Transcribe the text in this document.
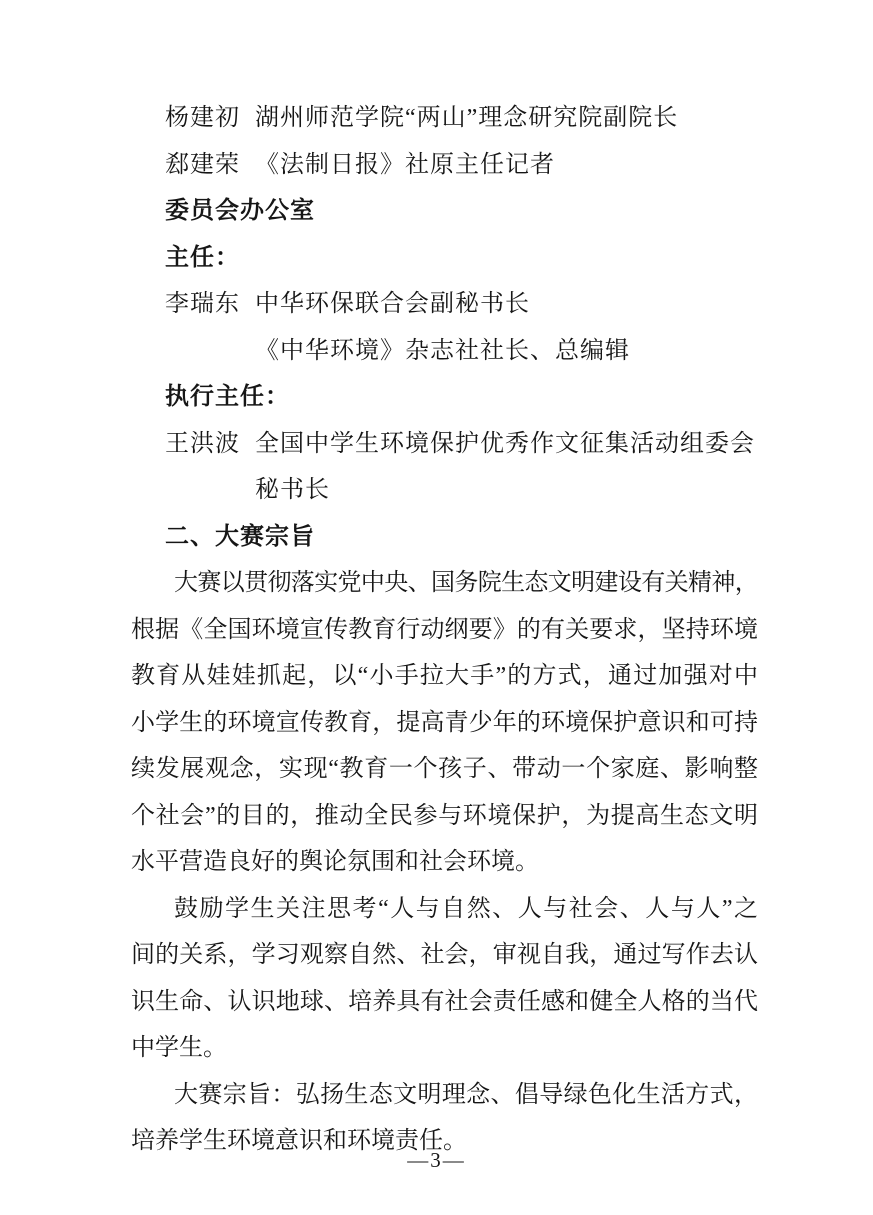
杨建初 湖州师范学院“两山”理念研究院副院长
郄建荣 《法制日报》社原主任记者
委员会办公室
主任：
李瑞东 中华环保联合会副秘书长
《中华环境》杂志社社长、总编辑
执行主任：
王洪波 全国中学生环境保护优秀作文征集活动组委会
秘书长
二、大赛宗旨
大赛以贯彻落实党中央、国务院生态文明建设有关精神，
根据《全国环境宣传教育行动纲要》的有关要求，坚持环境
教育从娃娃抓起，以“小手拉大手”的方式，通过加强对中
小学生的环境宣传教育，提高青少年的环境保护意识和可持
续发展观念，实现“教育一个孩子、带动一个家庭、影响整
个社会”的目的，推动全民参与环境保护，为提高生态文明
水平营造良好的舆论氛围和社会环境。
鼓励学生关注思考“人与自然、人与社会、人与人”之
间的关系，学习观察自然、社会，审视自我，通过写作去认
识生命、认识地球、培养具有社会责任感和健全人格的当代
中学生。
大赛宗旨：弘扬生态文明理念、倡导绿色化生活方式，
培养学生环境意识和环境责任。
—3—
